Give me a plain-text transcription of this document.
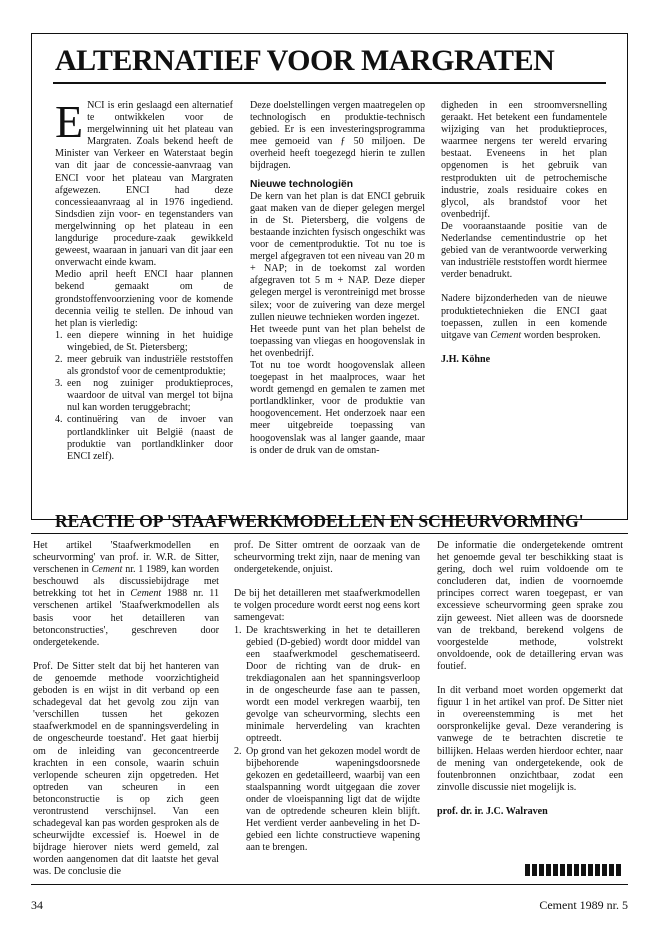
ALTERNATIEF VOOR MARGRATEN

ENCI is erin geslaagd een alternatief te ontwikkelen voor de mergelwinning uit het plateau van Margraten. Zoals bekend heeft de Minister van Verkeer en Waterstaat begin van dit jaar de concessie-aanvraag van ENCI voor het plateau van Margraten afgewezen. ENCI had deze concessieaanvraag al in 1976 ingediend. Sindsdien zijn voor- en tegenstanders van mergelwinning op het plateau in een langdurige procedure-zaak gewikkeld geweest, waaraan in januari van dit jaar een onverwacht einde kwam.

Medio april heeft ENCI haar plannen bekend gemaakt om de grondstoffenvoorziening voor de komende decennia veilig te stellen. De inhoud van het plan is vierledig:

1. een diepere winning in het huidige wingebied, de St. Pietersberg;
2. meer gebruik van industriële reststoffen als grondstof voor de cementproduktie;
3. een nog zuiniger produktieproces, waardoor de uitval van mergel tot bijna nul kan worden teruggebracht;
4. continuëring van de invoer van portlandklinker uit België (naast de produktie van portlandklinker door ENCI zelf).

Deze doelstellingen vergen maatregelen op technologisch en produktie-technisch gebied. Er is een investeringsprogramma mee gemoeid van ƒ 50 miljoen. De overheid heeft toegezegd hierin te zullen bijdragen.

Nieuwe technologiën

De kern van het plan is dat ENCI gebruik gaat maken van de dieper gelegen mergel in de St. Pietersberg, die volgens de bestaande inzichten fysisch ongeschikt was voor de cementproduktie. Tot nu toe is mergel afgegraven tot een niveau van 20 m + NAP; in de toekomst zal worden afgegraven tot 5 m + NAP. Deze dieper gelegen mergel is verontreinigd met brosse silex; voor de zuivering van deze mergel zullen nieuwe technieken worden ingezet.

Het tweede punt van het plan behelst de toepassing van vliegas en hoogovenslak in het ovenbedrijf.

Tot nu toe wordt hoogovenslak alleen toegepast in het maalproces, waar het wordt gemengd en gemalen te zamen met portlandklinker, voor de produktie van hoogovencement. Het onderzoek naar een meer uitgebreide toepassing van hoogovenslak was al langer gaande, maar is onder de druk van de omstan-

digheden in een stroomversnelling geraakt. Het betekent een fundamentele wijziging van het produktieproces, waarmee nergens ter wereld ervaring bestaat. Eveneens in het plan opgenomen is het gebruik van restprodukten uit de petrochemische industrie, zoals residuaire cokes en glycol, als brandstof voor het ovenbedrijf.

De vooraanstaande positie van de Nederlandse cementindustrie op het gebied van de verantwoorde verwerking van industriële reststoffen wordt hiermee verder benadrukt.

Nadere bijzonderheden van de nieuwe produktietechnieken die ENCI gaat toepassen, zullen in een komende uitgave van Cement worden besproken.

J.H. Köhne

REACTIE OP 'STAAFWERKMODELLEN EN SCHEURVORMING'

Het artikel 'Staafwerkmodellen en scheurvorming' van prof. ir. W.R. de Sitter, verschenen in Cement nr. 1 1989, kan worden beschouwd als discussiebijdrage met betrekking tot het in Cement 1988 nr. 11 verschenen artikel 'Staafwerkmodellen als basis voor het detailleren van betonconstructies', geschreven door ondergetekende.

Prof. De Sitter stelt dat bij het hanteren van de genoemde methode voorzichtigheid geboden is en wijst in dit verband op een schadegeval dat het gevolg zou zijn van 'verschillen tussen het gekozen staafwerkmodel en de spanningsverdeling in de ongescheurde toestand'. Het gaat hierbij om de inleiding van geconcentreerde krachten in een console, waarin schuin verlopende scheuren zijn opgetreden. Het optreden van scheuren in een betonconstructie is op zich geen verontrustend verschijnsel. Van een schadegeval kan pas worden gesproken als de scheurwijdte excessief is. Hoewel in de bijdrage hierover niets werd gemeld, zal worden aangenomen dat dit laatste het geval was. De conclusie die

prof. De Sitter omtrent de oorzaak van de scheurvorming trekt zijn, naar de mening van ondergetekende, onjuist.

De bij het detailleren met staafwerkmodellen te volgen procedure wordt eerst nog eens kort samengevat:

1. De krachtswerking in het te detailleren gebied (D-gebied) wordt door middel van een staafwerkmodel geschematiseerd. Door de richting van de druk- en trekdiagonalen aan het spanningsverloop in de ongescheurde fase aan te passen, wordt een model verkregen waarbij, ten gevolge van scheurvorming, slechts een minimale herverdeling van krachten optreedt.
2. Op grond van het gekozen model wordt de bijbehorende wapeningsdoorsnede gekozen en gedetailleerd, waarbij van een staalspanning wordt uitgegaan die zover onder de vloeispanning ligt dat de wijdte van de optredende scheuren klein blijft. Het verdient verder aanbeveling in het D-gebied een lichte constructieve wapening aan te brengen.

De informatie die ondergetekende omtrent het genoemde geval ter beschikking staat is gering, doch wel ruim voldoende om te concluderen dat, indien de voornoemde principes correct waren toegepast, er van excessieve scheurvorming geen sprake zou zijn geweest. Niet alleen was de doorsnede van de trekband, berekend volgens de voorgestelde methode, volstrekt onvoldoende, ook de detaillering ervan was foutief.

In dit verband moet worden opgemerkt dat figuur 1 in het artikel van prof. De Sitter niet in overeenstemming is met het oorspronkelijke geval. Deze verandering is vanwege de te betrachten discretie te billijken. Helaas werden hierdoor echter, naar de mening van ondergetekende, ook de foutenbronnen onzichtbaar, zodat een zinvolle discussie niet mogelijk is.

prof. dr. ir. J.C. Walraven

34	Cement 1989 nr. 5
